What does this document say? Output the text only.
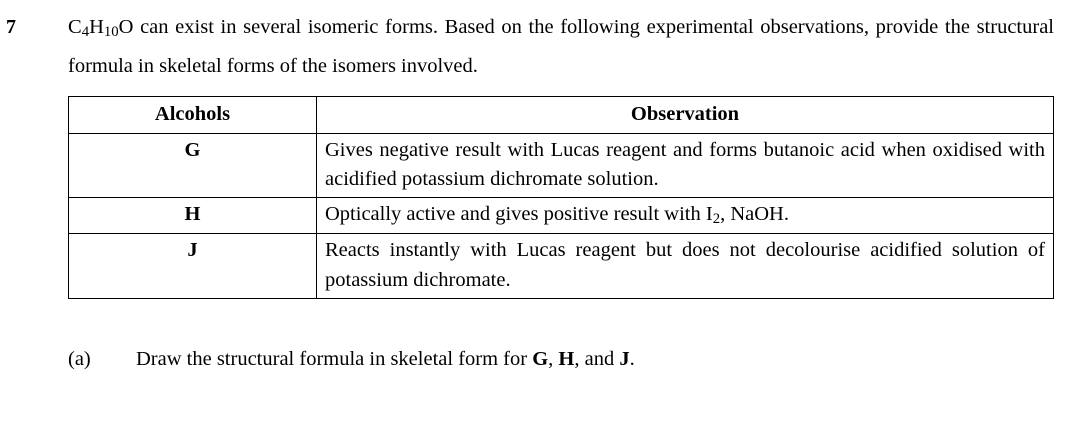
7	$C_4H_{10}O$ can exist in several isomeric forms. Based on the following experimental observations, provide the structural formula in skeletal forms of the isomers involved.

Alcohols	Observation
G	Gives negative result with Lucas reagent and forms butanoic acid when oxidised with acidified potassium dichromate solution.
H	Optically active and gives positive result with $I_2$, NaOH.
J	Reacts instantly with Lucas reagent but does not decolourise acidified solution of potassium dichromate.
(a)	Draw the structural formula in skeletal form for G, H, and J.
